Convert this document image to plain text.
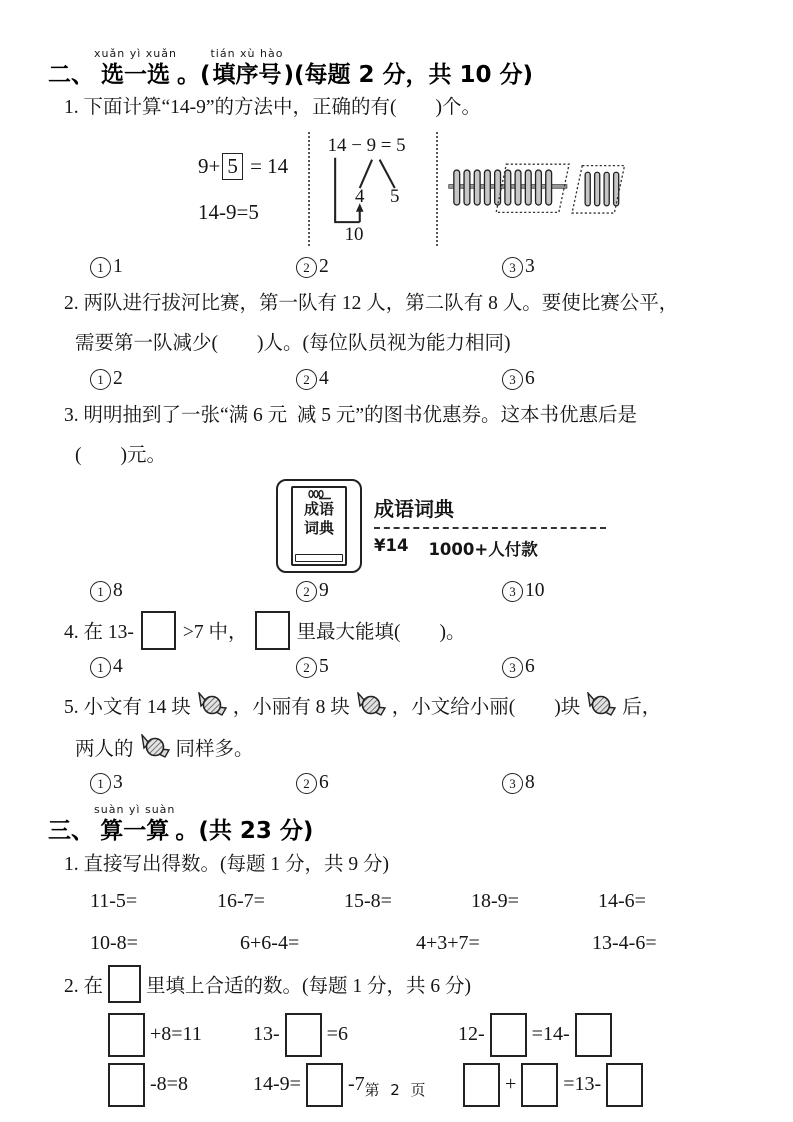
二、
xuǎn yì xuǎn
选一选 。(
tián xù hào
填序号 )(每题 2 分，共 10 分)
1. 下面计算“14-9”的方法中，正确的有(        )个。
9+ 5 = 14
14-9=5
14 − 9 = 5
4 5
10
1 1	2 2	3 3
2. 两队进行拔河比赛，第一队有 12 人，第二队有 8 人。要使比赛公平，
需要第一队减少(        )人。(每位队员视为能力相同)
1 2	2 4	3 6
3. 明明抽到了一张“满 6 元  减 5 元”的图书优惠券。这本书优惠后是
(        )元。
成语
词典
成语词典
¥14 1000+人付款
1 8	2 9	3 10
4. 在 13-	>7 中，	里最大能填(        )。
1 4	2 5	3 6
5. 小文有 14 块 ，小丽有 8 块 ，小文给小丽(        )块 后，
两人的 同样多。
1 3	2 6	3 8
三、
suàn yì suàn
算一算 。(共 23 分)
1. 直接写出得数。(每题 1 分，共 9 分)
11-5=	16-7=	15-8=	18-9=	14-6=
10-8=	6+6-4=	4+3+7=	13-4-6=
2. 在 里填上合适的数。(每题 1 分，共 6 分)
+8=11	13- =6	12- =14-
-8=8	14-9= -7	+ =13-
第 2 页
